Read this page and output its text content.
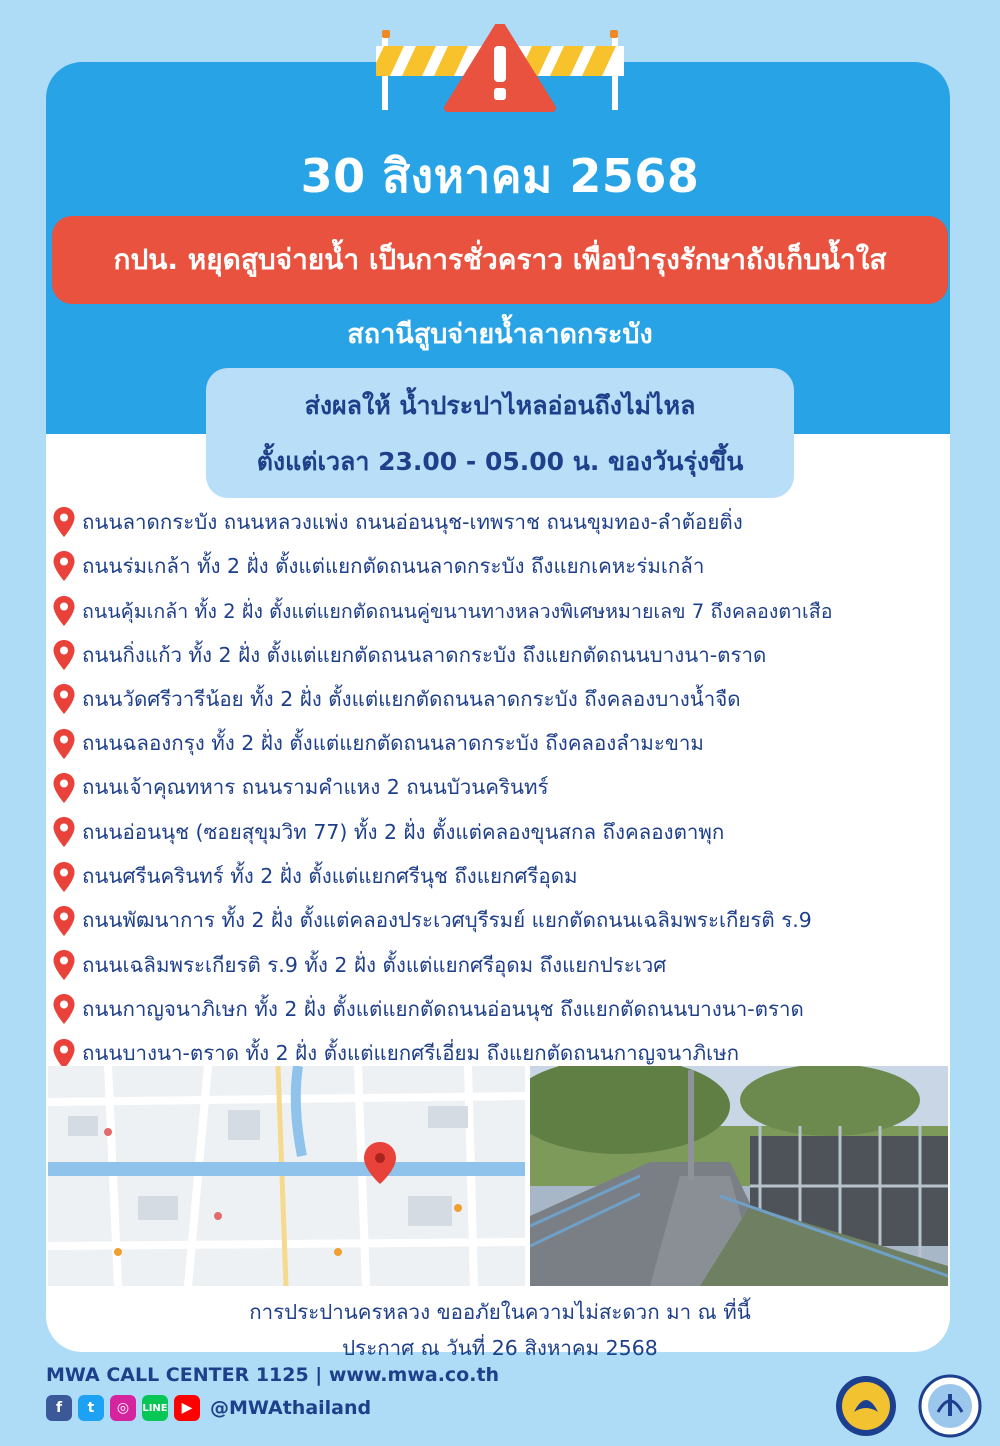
30 สิงหาคม 2568
กปน. หยุดสูบจ่ายน้ำ เป็นการชั่วคราว เพื่อบำรุงรักษาถังเก็บน้ำใส
สถานีสูบจ่ายน้ำลาดกระบัง
ส่งผลให้ น้ำประปาไหลอ่อนถึงไม่ไหล
ตั้งแต่เวลา 23.00 - 05.00 น. ของวันรุ่งขึ้น
ถนนลาดกระบัง ถนนหลวงแพ่ง ถนนอ่อนนุช-เทพราช ถนนขุมทอง-ลำต้อยติ่ง
ถนนร่มเกล้า ทั้ง 2 ฝั่ง ตั้งแต่แยกตัดถนนลาดกระบัง ถึงแยกเคหะร่มเกล้า
ถนนคุ้มเกล้า ทั้ง 2 ฝั่ง ตั้งแต่แยกตัดถนนคู่ขนานทางหลวงพิเศษหมายเลข 7 ถึงคลองตาเสือ
ถนนกิ่งแก้ว ทั้ง 2 ฝั่ง ตั้งแต่แยกตัดถนนลาดกระบัง ถึงแยกตัดถนนบางนา-ตราด
ถนนวัดศรีวารีน้อย ทั้ง 2 ฝั่ง ตั้งแต่แยกตัดถนนลาดกระบัง ถึงคลองบางน้ำจืด
ถนนฉลองกรุง ทั้ง 2 ฝั่ง ตั้งแต่แยกตัดถนนลาดกระบัง ถึงคลองลำมะขาม
ถนนเจ้าคุณทหาร ถนนรามคำแหง 2 ถนนบัวนครินทร์
ถนนอ่อนนุช (ซอยสุขุมวิท 77) ทั้ง 2 ฝั่ง ตั้งแต่คลองขุนสกล ถึงคลองตาพุก
ถนนศรีนครินทร์ ทั้ง 2 ฝั่ง ตั้งแต่แยกศรีนุช ถึงแยกศรีอุดม
ถนนพัฒนาการ ทั้ง 2 ฝั่ง ตั้งแต่คลองประเวศบุรีรมย์ แยกตัดถนนเฉลิมพระเกียรติ ร.9
ถนนเฉลิมพระเกียรติ ร.9 ทั้ง 2 ฝั่ง ตั้งแต่แยกศรีอุดม ถึงแยกประเวศ
ถนนกาญจนาภิเษก ทั้ง 2 ฝั่ง ตั้งแต่แยกตัดถนนอ่อนนุช ถึงแยกตัดถนนบางนา-ตราด
ถนนบางนา-ตราด ทั้ง 2 ฝั่ง ตั้งแต่แยกศรีเอี่ยม ถึงแยกตัดถนนกาญจนาภิเษก
การประปานครหลวง ขออภัยในความไม่สะดวก มา ณ ที่นี้
ประกาศ ณ วันที่ 26 สิงหาคม 2568
MWA CALL CENTER 1125 | www.mwa.co.th
f	t	◎	LINE ▶ @MWAthailand
